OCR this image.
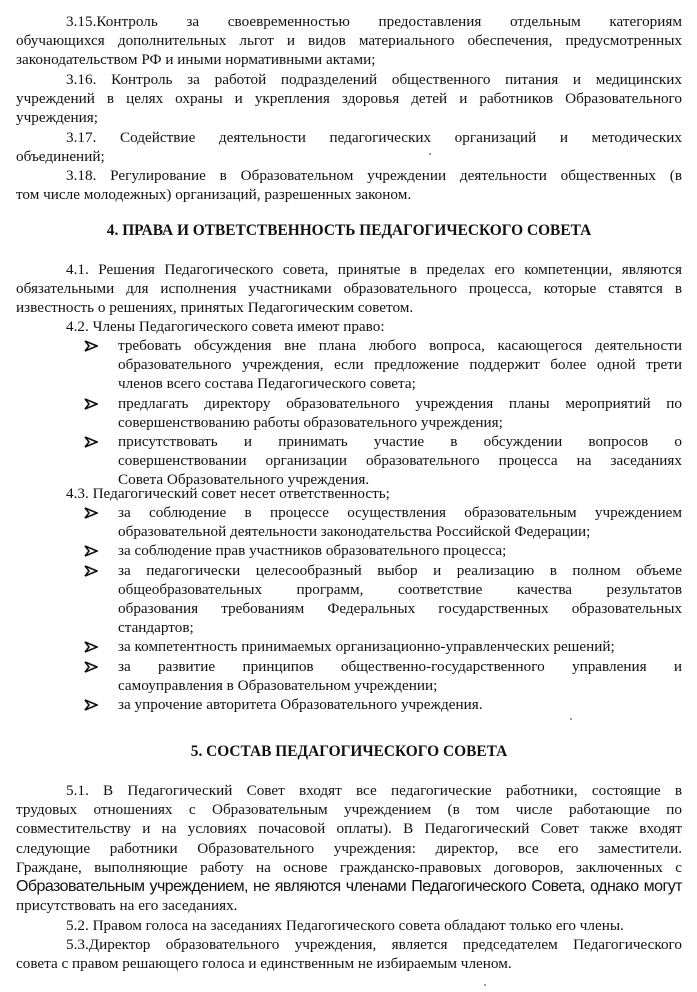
3.15.Контроль за своевременностью предоставления отдельным категориям
обучающихся дополнительных льгот и видов материального обеспечения, предусмотренных
законодательством РФ и иными нормативными актами;

3.16. Контроль за работой подразделений общественного питания и медицинских
учреждений в целях охраны и укрепления здоровья детей и работников Образовательного
учреждения;

3.17. Содействие деятельности педагогических организаций и методических
объединений;

3.18. Регулирование в Образовательном учреждении деятельности общественных (в
том числе молодежных) организаций, разрешенных законом.

4. ПРАВА И ОТВЕТСТВЕННОСТЬ ПЕДАГОГИЧЕСКОГО СОВЕТА

4.1. Решения Педагогического совета, принятые в пределах его компетенции, являются
обязательными для исполнения участниками образовательного процесса, которые ставятся в
известность о решениях, принятых Педагогическим советом.

4.2. Члены Педагогического совета имеют право:

требовать обсуждения вне плана любого вопроса, касающегося деятельности
образовательного учреждения, если предложение поддержит более одной трети
членов всего состава Педагогического совета;
предлагать директору образовательного учреждения планы мероприятий по
совершенствованию работы образовательного учреждения;
присутствовать и принимать участие в обсуждении вопросов о
совершенствовании организации образовательного процесса на заседаниях
Совета Образовательного учреждения.

4.3. Педагогический совет несет ответственность;

за соблюдение в процессе осуществления образовательным учреждением
образовательной деятельности законодательства Российской Федерации;
за соблюдение прав участников образовательного процесса;
за педагогически целесообразный выбор и реализацию в полном объеме
общеобразовательных программ, соответствие качества результатов
образования требованиям Федеральных государственных образовательных
стандартов;
за компетентность принимаемых организационно-управленческих решений;
за развитие принципов общественно-государственного управления и
самоуправления в Образовательном учреждении;
за упрочение авторитета Образовательного учреждения.
5. СОСТАВ ПЕДАГОГИЧЕСКОГО СОВЕТА

5.1. В Педагогический Совет входят все педагогические работники, состоящие в
трудовых отношениях с Образовательным учреждением (в том числе работающие по
совместительству и на условиях почасовой оплаты). В Педагогический Совет также входят
следующие работники Образовательного учреждения: директор, все его заместители.
Граждане, выполняющие работу на основе гражданско-правовых договоров, заключенных с
Образовательным учреждением, не являются членами Педагогического Совета, однако могут
присутствовать на его заседаниях.

5.2. Правом голоса на заседаниях Педагогического совета обладают только его члены.

5.3.Директор образовательного учреждения, является председателем Педагогического
совета с правом решающего голоса и единственным не избираемым членом.
